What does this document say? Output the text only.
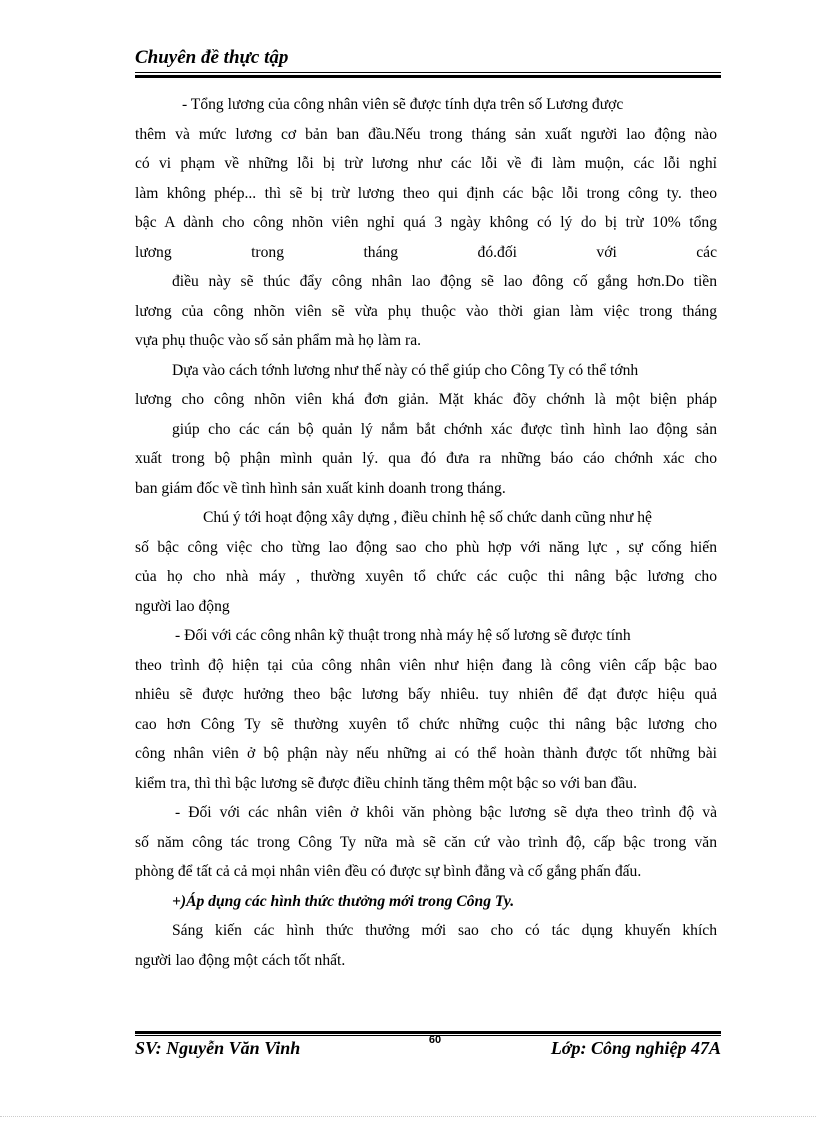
Chuyên đề thực tập

- Tổng lương của công nhân viên sẽ được tính dựa trên số Lương được

thêm và mức lương cơ bản ban đầu.Nếu trong tháng sản xuất người lao động nào

có vi phạm về những lỗi bị trừ lương như các lỗi về đi làm muộn, các lỗi nghỉ

làm không phép... thì sẽ bị trừ lương theo qui định các bậc lỗi trong công ty. theo

bậc A dành cho công nhõn viên nghỉ quá 3 ngày không có lý do bị trừ 10% tổng

lương trong tháng đó.đối với các

điều này sẽ thúc đẩy công nhân lao động sẽ lao đông cố gắng hơn.Do tiền

lương của công nhõn viên sẽ vừa phụ thuộc vào thời gian làm việc trong tháng

vựa phụ thuộc vào số sản phẩm mà họ làm ra.

Dựa vào cách tớnh lương như thế này có thể giúp cho Công Ty có thể tớnh

lương cho công nhõn viên khá đơn giản. Mặt khác đõy chớnh là một biện pháp

giúp cho các cán bộ quản lý nắm bắt chớnh xác được tình hình lao động sản

xuất trong bộ phận mình quản lý. qua đó đưa ra những báo cáo chớnh xác cho

ban giám đốc về tình hình sản xuất kinh doanh trong tháng.

Chú ý tới hoạt động xây dựng , điều chỉnh hệ số chức danh cũng như hệ

số bậc công việc cho từng lao động sao cho phù hợp với năng lực , sự cống hiến

của họ cho nhà máy , thường xuyên tổ chức các cuộc thi nâng bậc lương cho

người lao động

- Đối với các công nhân kỹ thuật trong nhà máy hệ số lương sẽ được tính

theo trình độ hiện tại của công nhân viên như hiện đang là công viên cấp bậc bao

nhiêu sẽ được hưởng theo bậc lương bấy nhiêu. tuy nhiên để đạt được hiệu quả

cao hơn Công Ty sẽ thường xuyên tổ chức những cuộc thi nâng bậc lương cho

công nhân viên ở bộ phận này nếu những ai có thể hoàn thành được tốt những bài

kiểm tra, thì thì bậc lương sẽ được điều chỉnh tăng thêm một bậc so với ban đầu.

- Đối với các nhân viên ở khôi văn phòng bậc lương sẽ dựa theo trình độ và

số năm công tác trong Công Ty nữa mà sẽ căn cứ vào trình độ, cấp bậc trong văn

phòng để tất cả cả mọi nhân viên đều có được sự bình đẳng và cố gắng phấn đấu.

+)Áp dụng các hình thức thưởng mới trong Công Ty.

Sáng kiến các hình thức thưởng mới sao cho có tác dụng khuyến khích

người lao động một cách tốt nhất.

SV: Nguyễn Văn Vinh	60	Lớp: Công nghiệp 47A
